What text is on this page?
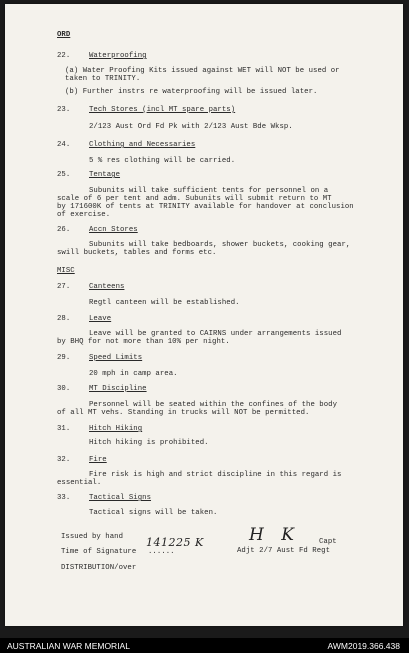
ORD
22.	Waterproofing
(a) Water Proofing Kits issued against WET will NOT be used or
taken to TRINITY.
(b) Further instrs re waterproofing will be issued later.
23.	Tech Stores (incl MT spare parts)
2/123 Aust Ord Fd Pk with 2/123 Aust Bde Wksp.
24.	Clothing and Necessaries
5 % res clothing will be carried.
25.	Tentage
Subunits will take sufficient tents for personnel on a
scale of 6 per tent and adm. Subunits will submit return to MT
by 171600K of tents at TRINITY available for handover at conclusion
of exercise.
26.	Accn Stores
Subunits will take bedboards, shower buckets, cooking gear,
swill buckets, tables and forms etc.
MISC
27.	Canteens
Regtl canteen will be established.
28.	Leave
Leave will be granted to CAIRNS under arrangements issued
by BHQ for not more than 10% per night.
29.	Speed Limits
20 mph in camp area.
30.	MT Discipline
Personnel will be seated within the confines of the body
of all MT vehs. Standing in trucks will NOT be permitted.
31.	Hitch Hiking
Hitch hiking is prohibited.
32.	Fire
Fire risk is high and strict discipline in this regard is
essential.
33.	Tactical Signs
Tactical signs will be taken.
Issued by hand
Time of Signature ......
141225 K	H K	Capt
Adjt 2/7 Aust Fd Regt
DISTRIBUTION/over
AUSTRALIAN WAR MEMORIAL	AWM2019.366.438
